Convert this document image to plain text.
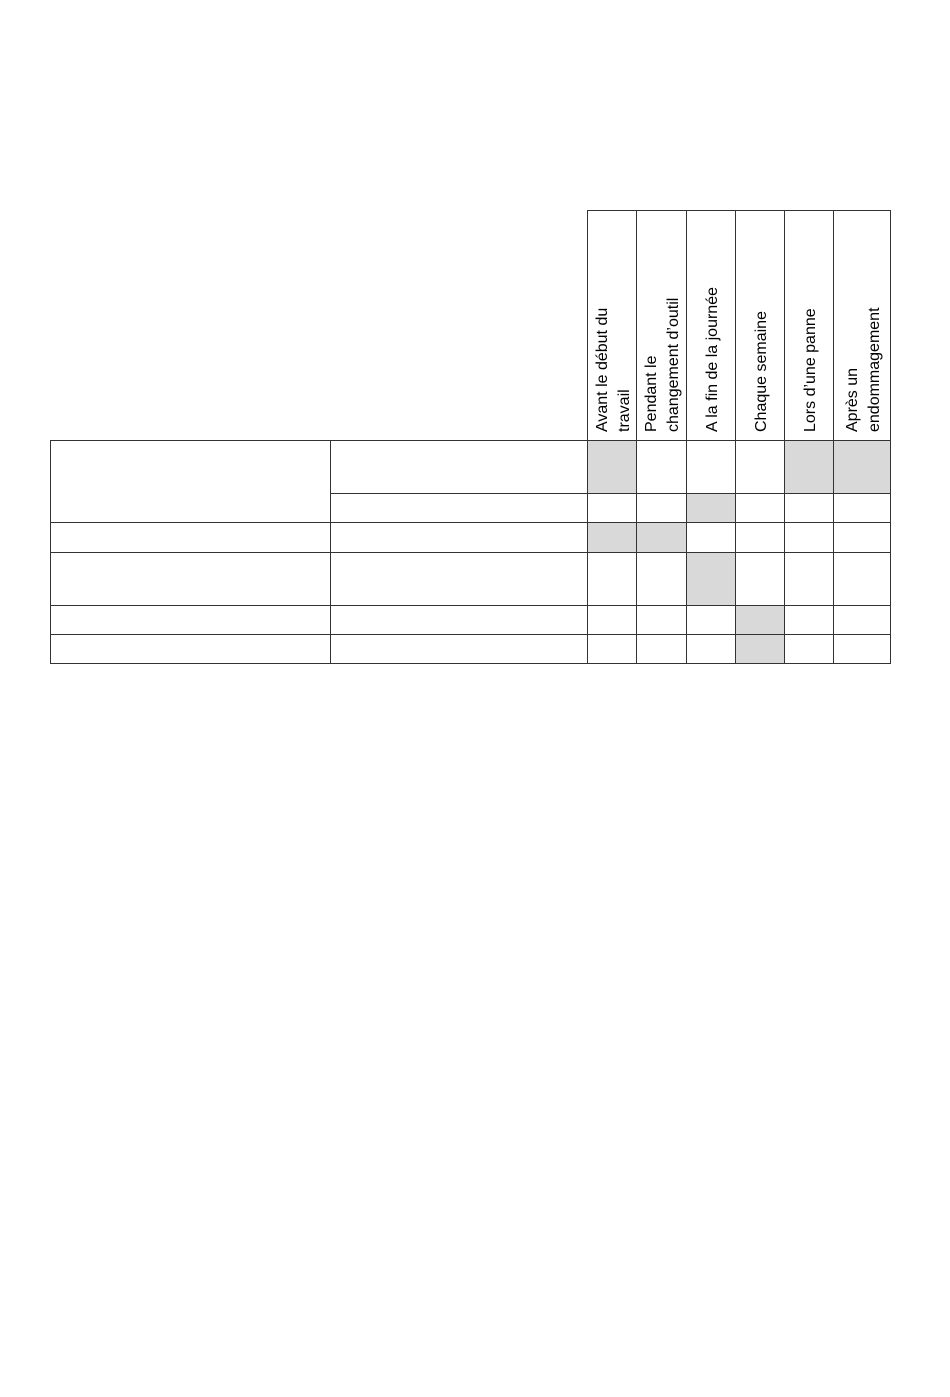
Avant le début du travail Pendant le changement d’outil A la fin de la journée Chaque semaine Lors d’une panne Après un endommagement
